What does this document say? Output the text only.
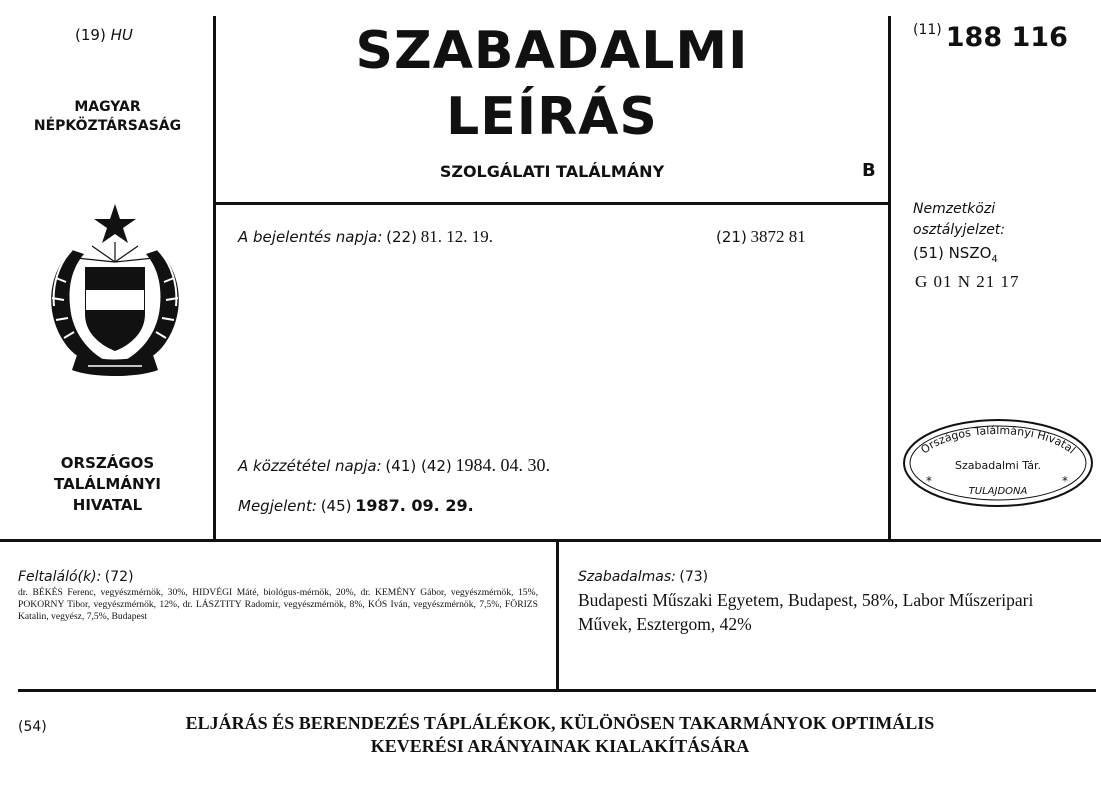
(19) HU
MAGYAR
NÉPKÖZTÁRSASÁG
ORSZÁGOS
TALÁLMÁNYI
HIVATAL
SZABADALMI
LEÍRÁS
SZOLGÁLATI TALÁLMÁNY	B
(11) 188 116
A bejelentés napja: (22) 81. 12. 19.	(21) 3872 81
Nemzetközi
osztályjelzet:
(51) $NSZO_4$
G 01 N 21 17
A közzététel napja: (41) (42) 1984. 04. 30.
Megjelent: (45) 1987. 09. 29.
Országos Találmányi Hivatal
Szabadalmi Tár.
TULAJDONA
*	*
Feltaláló(k): (72)
dr. BÉKÉS Ferenc, vegyészmérnök, 30%, HIDVÉGI Máté, biológus-mérnök, 20%, dr. KEMÉNY Gábor, vegyészmérnök, 15%, POKORNY Tibor, vegyészmérnök, 12%, dr. LÁSZTITY Radomir, vegyészmérnök, 8%, KÓS Iván, vegyészmérnök, 7,5%, FÖRIZS Katalin, vegyész, 7,5%, Budapest
Szabadalmas: (73)
Budapesti Műszaki Egyetem, Budapest, 58%, Labor Műszeripari Művek, Esztergom, 42%
(54)	ELJÁRÁS ÉS BERENDEZÉS TÁPLÁLÉKOK, KÜLÖNÖSEN TAKARMÁNYOK OPTIMÁLIS
KEVERÉSI ARÁNYAINAK KIALAKÍTÁSÁRA
